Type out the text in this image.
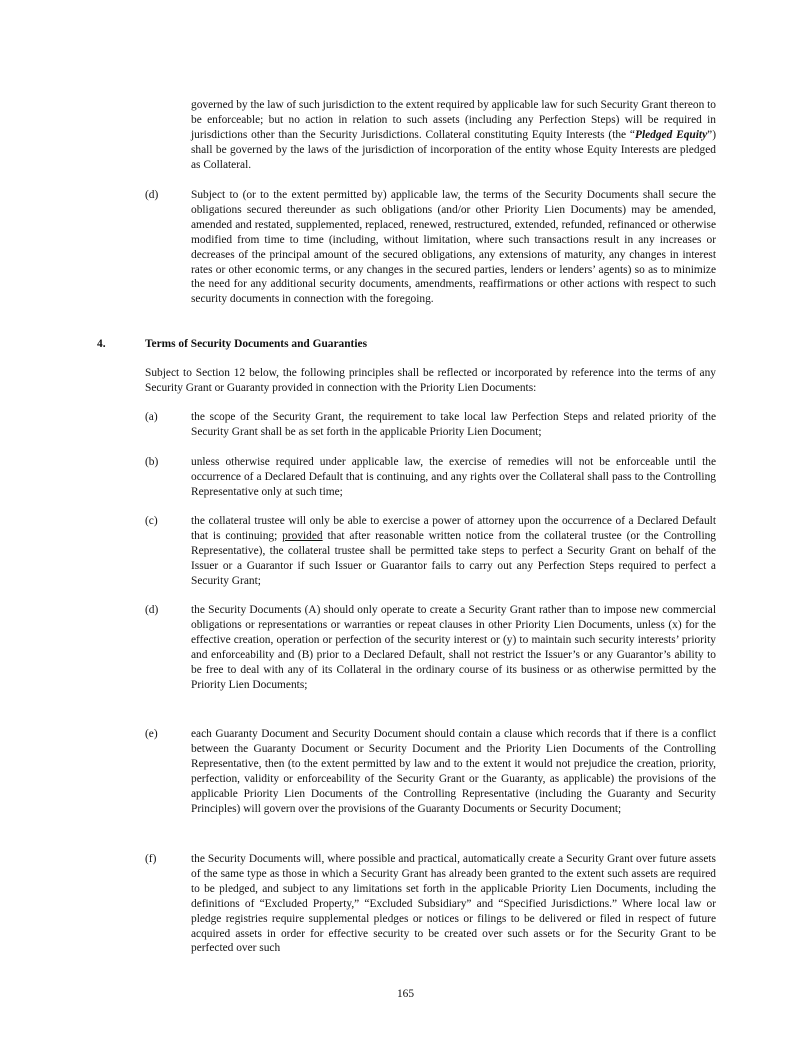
governed by the law of such jurisdiction to the extent required by applicable law for such Security Grant thereon to be enforceable; but no action in relation to such assets (including any Perfection Steps) will be required in jurisdictions other than the Security Jurisdictions. Collateral constituting Equity Interests (the “Pledged Equity”) shall be governed by the laws of the jurisdiction of incorporation of the entity whose Equity Interests are pledged as Collateral.

(d)	Subject to (or to the extent permitted by) applicable law, the terms of the Security Documents shall secure the obligations secured thereunder as such obligations (and/or other Priority Lien Documents) may be amended, amended and restated, supplemented, replaced, renewed, restructured, extended, refunded, refinanced or otherwise modified from time to time (including, without limitation, where such transactions result in any increases or decreases of the principal amount of the secured obligations, any extensions of maturity, any changes in interest rates or other economic terms, or any changes in the secured parties, lenders or lenders’ agents) so as to minimize the need for any additional security documents, amendments, reaffirmations or other actions with respect to such security documents in connection with the foregoing.

4.	Terms of Security Documents and Guaranties

Subject to Section 12 below, the following principles shall be reflected or incorporated by reference into the terms of any Security Grant or Guaranty provided in connection with the Priority Lien Documents:

(a)	the scope of the Security Grant, the requirement to take local law Perfection Steps and related priority of the Security Grant shall be as set forth in the applicable Priority Lien Document;

(b)	unless otherwise required under applicable law, the exercise of remedies will not be enforceable until the occurrence of a Declared Default that is continuing, and any rights over the Collateral shall pass to the Controlling Representative only at such time;

(c)	the collateral trustee will only be able to exercise a power of attorney upon the occurrence of a Declared Default that is continuing; provided that after reasonable written notice from the collateral trustee (or the Controlling Representative), the collateral trustee shall be permitted take steps to perfect a Security Grant on behalf of the Issuer or a Guarantor if such Issuer or Guarantor fails to carry out any Perfection Steps required to perfect a Security Grant;

(d)	the Security Documents (A) should only operate to create a Security Grant rather than to impose new commercial obligations or representations or warranties or repeat clauses in other Priority Lien Documents, unless (x) for the effective creation, operation or perfection of the security interest or (y) to maintain such security interests’ priority and enforceability and (B) prior to a Declared Default, shall not restrict the Issuer’s or any Guarantor’s ability to be free to deal with any of its Collateral in the ordinary course of its business or as otherwise permitted by the Priority Lien Documents;

(e)	each Guaranty Document and Security Document should contain a clause which records that if there is a conflict between the Guaranty Document or Security Document and the Priority Lien Documents of the Controlling Representative, then (to the extent permitted by law and to the extent it would not prejudice the creation, priority, perfection, validity or enforceability of the Security Grant or the Guaranty, as applicable) the provisions of the applicable Priority Lien Documents of the Controlling Representative (including the Guaranty and Security Principles) will govern over the provisions of the Guaranty Documents or Security Document;

(f)	the Security Documents will, where possible and practical, automatically create a Security Grant over future assets of the same type as those in which a Security Grant has already been granted to the extent such assets are required to be pledged, and subject to any limitations set forth in the applicable Priority Lien Documents, including the definitions of “Excluded Property,” “Excluded Subsidiary” and “Specified Jurisdictions.” Where local law or pledge registries require supplemental pledges or notices or filings to be delivered or filed in respect of future acquired assets in order for effective security to be created over such assets or for the Security Grant to be perfected over such

165
